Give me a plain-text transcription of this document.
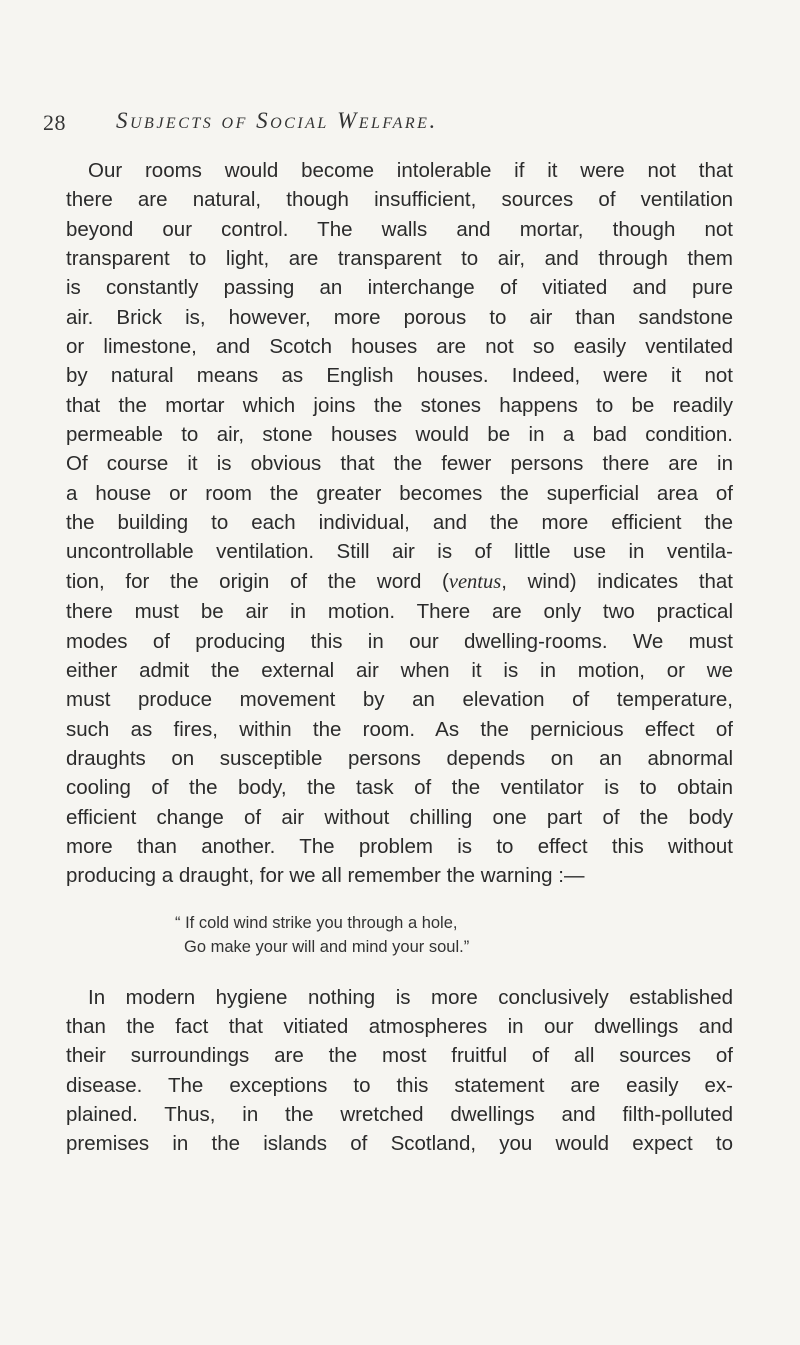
28 Subjects of Social Welfare.
Our rooms would become intolerable if it were not that
there are natural, though insufficient, sources of ventilation
beyond our control. The walls and mortar, though not
transparent to light, are transparent to air, and through them
is constantly passing an interchange of vitiated and pure
air. Brick is, however, more porous to air than sandstone
or limestone, and Scotch houses are not so easily ventilated
by natural means as English houses. Indeed, were it not
that the mortar which joins the stones happens to be readily
permeable to air, stone houses would be in a bad condition.
Of course it is obvious that the fewer persons there are in
a house or room the greater becomes the superficial area of
the building to each individual, and the more efficient the
uncontrollable ventilation. Still air is of little use in ventila-
tion, for the origin of the word (ventus, wind) indicates that
there must be air in motion. There are only two practical
modes of producing this in our dwelling-rooms. We must
either admit the external air when it is in motion, or we
must produce movement by an elevation of temperature,
such as fires, within the room. As the pernicious effect of
draughts on susceptible persons depends on an abnormal
cooling of the body, the task of the ventilator is to obtain
efficient change of air without chilling one part of the body
more than another. The problem is to effect this without
producing a draught, for we all remember the warning :—
“ If cold wind strike you through a hole,
Go make your will and mind your soul.”
In modern hygiene nothing is more conclusively established
than the fact that vitiated atmospheres in our dwellings and
their surroundings are the most fruitful of all sources of
disease. The exceptions to this statement are easily ex-
plained. Thus, in the wretched dwellings and filth-polluted
premises in the islands of Scotland, you would expect to
